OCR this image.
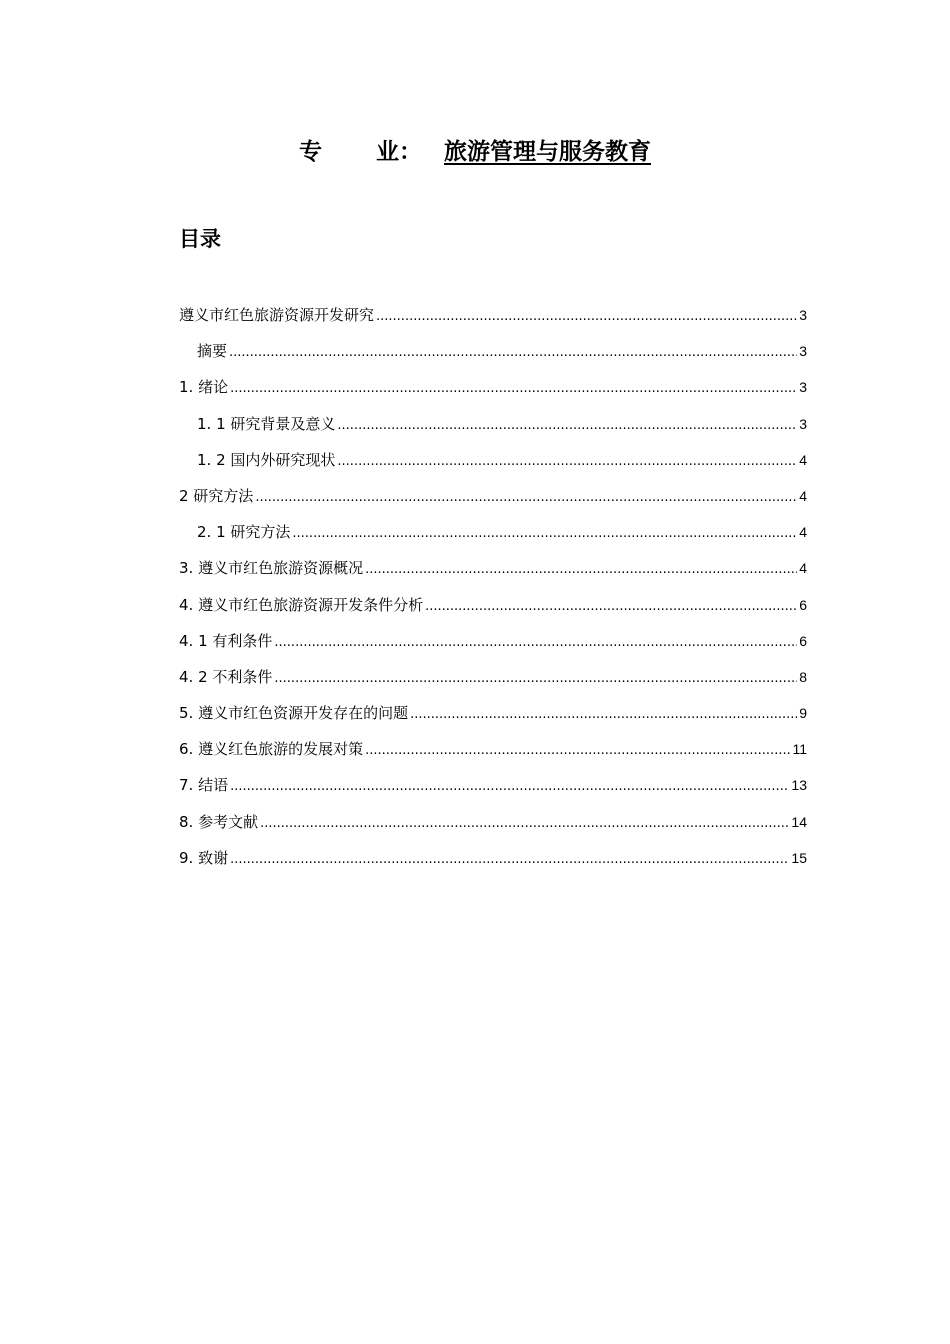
专 业： 旅游管理与服务教育
目录
遵义市红色旅游资源开发研究 .....	3
摘要 .....	3
1. 绪论 .....	3
1. 1 研究背景及意义 .....	3
1. 2 国内外研究现状 .....	4
2 研究方法 .....	4
2. 1 研究方法 .....	4
3. 遵义市红色旅游资源概况 .....	4
4. 遵义市红色旅游资源开发条件分析 .....	6
4. 1 有利条件 .....	6
4. 2 不利条件 .....	8
5. 遵义市红色资源开发存在的问题 .....	9
6. 遵义红色旅游的发展对策 .....	11
7. 结语 .....	13
8. 参考文献 .....	14
9. 致谢 .....	15
